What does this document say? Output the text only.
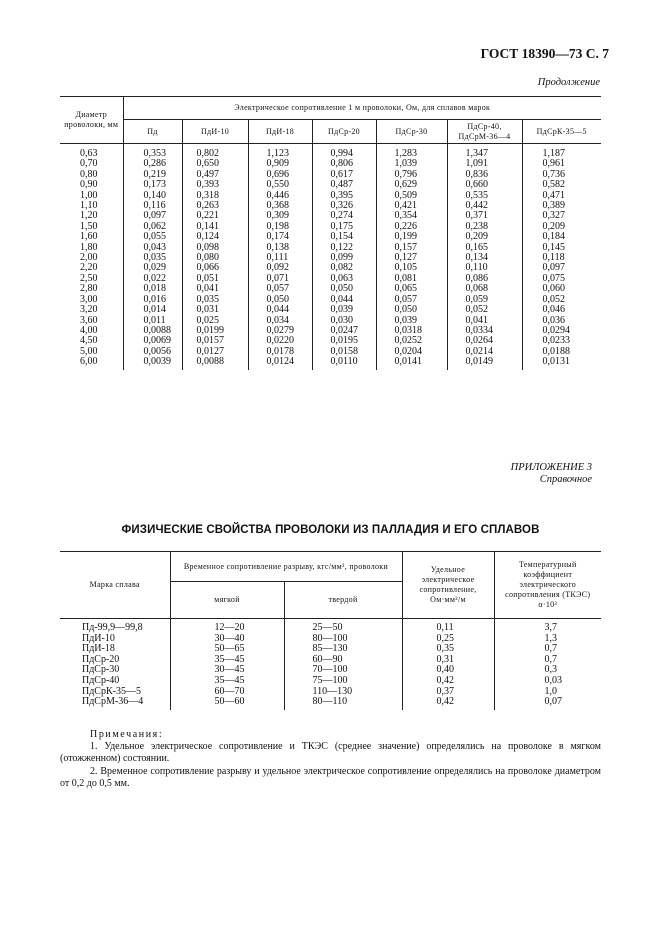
ГОСТ 18390—73 С. 7
Продолжение
Диаметр проволоки, мм	Электрическое сопротивление 1 м проволоки, Ом, для сплавов марок						
	Пд	ПдИ-10	ПдИ-18	ПдСр-20	ПдСр-30	ПдСр-40, ПдСрМ-36—4	ПдСрК-35—5
0,63	0,353	0,802	1,123	0,994	1,283	1,347	1,187
0,70	0,286	0,650	0,909	0,806	1,039	1,091	0,961
0,80	0,219	0,497	0,696	0,617	0,796	0,836	0,736
0,90	0,173	0,393	0,550	0,487	0,629	0,660	0,582
1,00	0,140	0,318	0,446	0,395	0,509	0,535	0,471
1,10	0,116	0,263	0,368	0,326	0,421	0,442	0,389
1,20	0,097	0,221	0,309	0,274	0,354	0,371	0,327
1,50	0,062	0,141	0,198	0,175	0,226	0,238	0,209
1,60	0,055	0,124	0,174	0,154	0,199	0,209	0,184
1,80	0,043	0,098	0,138	0,122	0,157	0,165	0,145
2,00	0,035	0,080	0,111	0,099	0,127	0,134	0,118
2,20	0,029	0,066	0,092	0,082	0,105	0,110	0,097
2,50	0,022	0,051	0,071	0,063	0,081	0,086	0,075
2,80	0,018	0,041	0,057	0,050	0,065	0,068	0,060
3,00	0,016	0,035	0,050	0,044	0,057	0,059	0,052
3,20	0,014	0,031	0,044	0,039	0,050	0,052	0,046
3,60	0,011	0,025	0,034	0,030	0,039	0,041	0,036
4,00	0,0088	0,0199	0,0279	0,0247	0,0318	0,0334	0,0294
4,50	0,0069	0,0157	0,0220	0,0195	0,0252	0,0264	0,0233
5,00	0,0056	0,0127	0,0178	0,0158	0,0204	0,0214	0,0188
6,00	0,0039	0,0088	0,0124	0,0110	0,0141	0,0149	0,0131
ПРИЛОЖЕНИЕ 3
Справочное
ФИЗИЧЕСКИЕ СВОЙСТВА ПРОВОЛОКИ ИЗ ПАЛЛАДИЯ И ЕГО СПЛАВОВ
Марка сплава	Временное сопротивление разрыву, кгс/мм², проволоки		Удельное электрическое сопротивление, Ом·мм²/м	Температурный коэффициент электрического сопротивления (ТКЭС) α·10³
	мягкой	твердой		
Пд-99,9—99,8	12—20	25—50	0,11	3,7
ПдИ-10	30—40	80—100	0,25	1,3
ПдИ-18	50—65	85—130	0,35	0,7
ПдСр-20	35—45	60—90	0,31	0,7
ПдСр-30	30—45	70—100	0,40	0,3
ПдСр-40	35—45	75—100	0,42	0,03
ПдСрК-35—5	60—70	110—130	0,37	1,0
ПдСрМ-36—4	50—60	80—110	0,42	0,07
Примечания:

1. Удельное электрическое сопротивление и ТКЭС (среднее значение) определялись на проволоке в мягком (отожженном) состоянии.

2. Временное сопротивление разрыву и удельное электрическое сопротивление определялись на проволоке диаметром от 0,2 до 0,5 мм.
